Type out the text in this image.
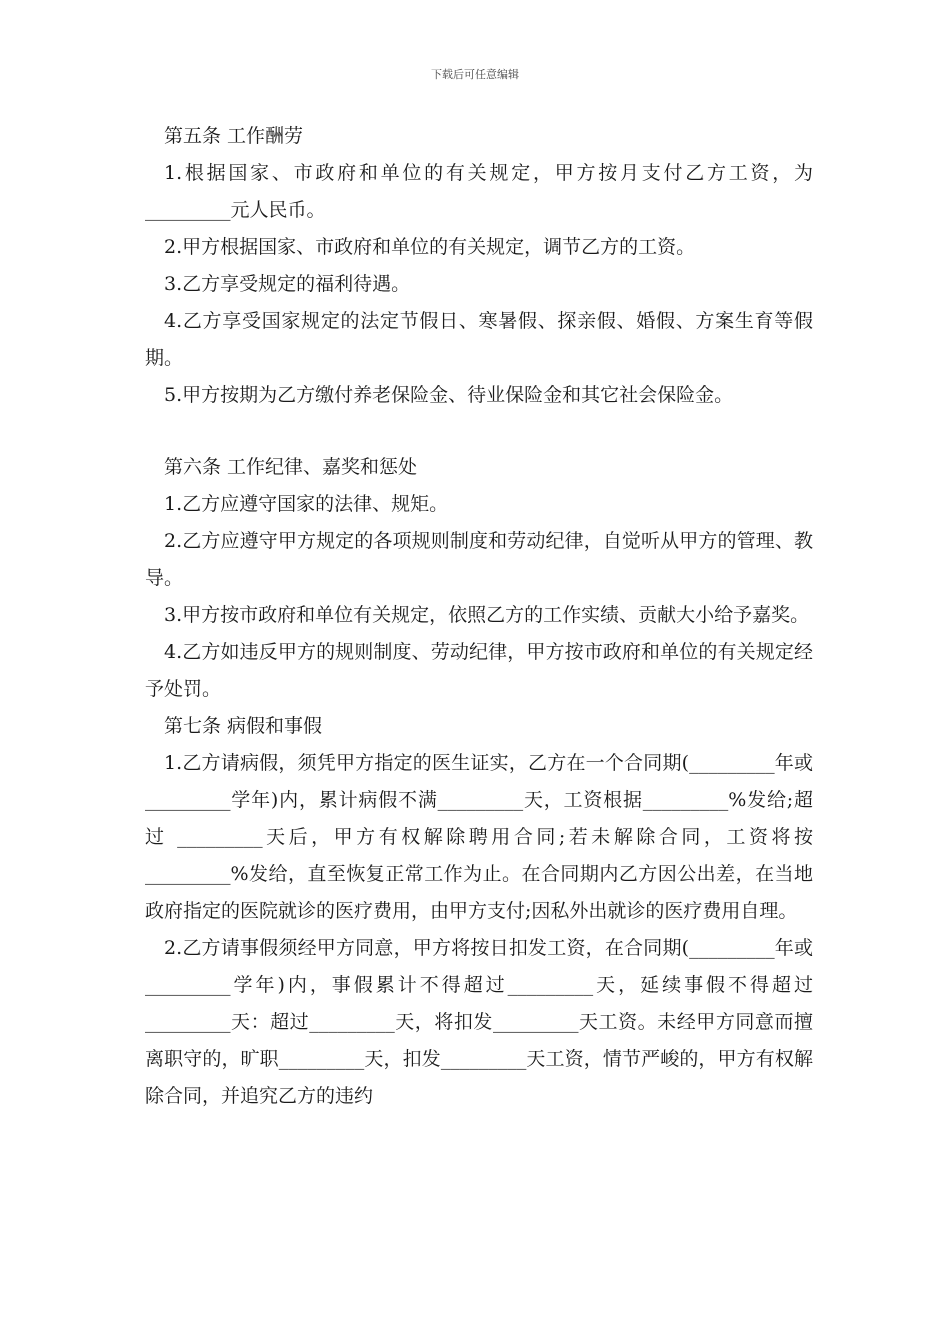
下载后可任意编辑

第五条 工作酬劳

1.根据国家、市政府和单位的有关规定，甲方按月支付乙方工资，为_________元人民币。

2.甲方根据国家、市政府和单位的有关规定，调节乙方的工资。

3.乙方享受规定的福利待遇。

4.乙方享受国家规定的法定节假日、寒暑假、探亲假、婚假、方案生育等假期。

5.甲方按期为乙方缴付养老保险金、待业保险金和其它社会保险金。

第六条 工作纪律、嘉奖和惩处

1.乙方应遵守国家的法律、规矩。

2.乙方应遵守甲方规定的各项规则制度和劳动纪律，自觉听从甲方的管理、教导。

3.甲方按市政府和单位有关规定，依照乙方的工作实绩、贡献大小给予嘉奖。

4.乙方如违反甲方的规则制度、劳动纪律，甲方按市政府和单位的有关规定经予处罚。

第七条 病假和事假

1.乙方请病假，须凭甲方指定的医生证实，乙方在一个合同期(_________年或_________学年)内，累计病假不满_________天，工资根据_________%发给;超过 _________天后，甲方有权解除聘用合同;若未解除合同，工资将按_________%发给，直至恢复正常工作为止。在合同期内乙方因公出差，在当地政府指定的医院就诊的医疗费用，由甲方支付;因私外出就诊的医疗费用自理。

2.乙方请事假须经甲方同意，甲方将按日扣发工资，在合同期(_________年或_________学年)内，事假累计不得超过_________天，延续事假不得超过_________天：超过_________天，将扣发_________天工资。未经甲方同意而擅离职守的，旷职_________天，扣发_________天工资，情节严峻的，甲方有权解除合同，并追究乙方的违约
